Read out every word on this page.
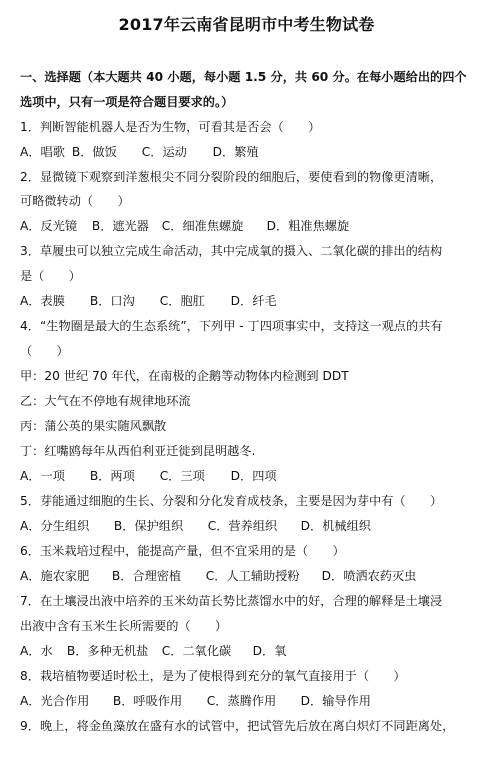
2017年云南省昆明市中考生物试卷
一、选择题（本大题共 40 小题，每小题 1.5 分，共 60 分。在每小题给出的四个
选项中，只有一项是符合题目要求的。）
1．判断智能机器人是否为生物，可看其是否会（　　）
A．唱歌 B．做饭 C．运动 D．繁殖
2．显微镜下观察到洋葱根尖不同分裂阶段的细胞后，要使看到的物像更清晰，
可略微转动（　　）
A．反光镜 B．遮光器 C．细准焦螺旋 D．粗准焦螺旋
3．草履虫可以独立完成生命活动，其中完成氧的摄入、二氧化碳的排出的结构
是（　　）
A．表膜 B．口沟 C．胞肛 D．纤毛
4．“生物圈是最大的生态系统”，下列甲 - 丁四项事实中，支持这一观点的共有
（　　）
甲：20 世纪 70 年代，在南极的企鹅等动物体内检测到 DDT
乙：大气在不停地有规律地环流
丙：蒲公英的果实随风飘散
丁：红嘴鸥每年从西伯利亚迁徙到昆明越冬.
A．一项 B．两项 C．三项 D．四项
5．芽能通过细胞的生长、分裂和分化发育成枝条，主要是因为芽中有（　　）
A．分生组织 B．保护组织 C．营养组织 D．机械组织
6．玉米栽培过程中，能提高产量，但不宜采用的是（　　）
A．施农家肥 B．合理密植 C．人工辅助授粉 D．喷洒农药灭虫
7．在土壤浸出液中培养的玉米幼苗长势比蒸馏水中的好，合理的解释是土壤浸
出液中含有玉米生长所需要的（　　）
A．水 B．多种无机盐 C．二氧化碳 D．氧
8．栽培植物要适时松土，是为了使根得到充分的氧气直接用于（　　）
A．光合作用 B．呼吸作用 C．蒸腾作用 D．输导作用
9．晚上，将金鱼藻放在盛有水的试管中，把试管先后放在离白炽灯不同距离处，
